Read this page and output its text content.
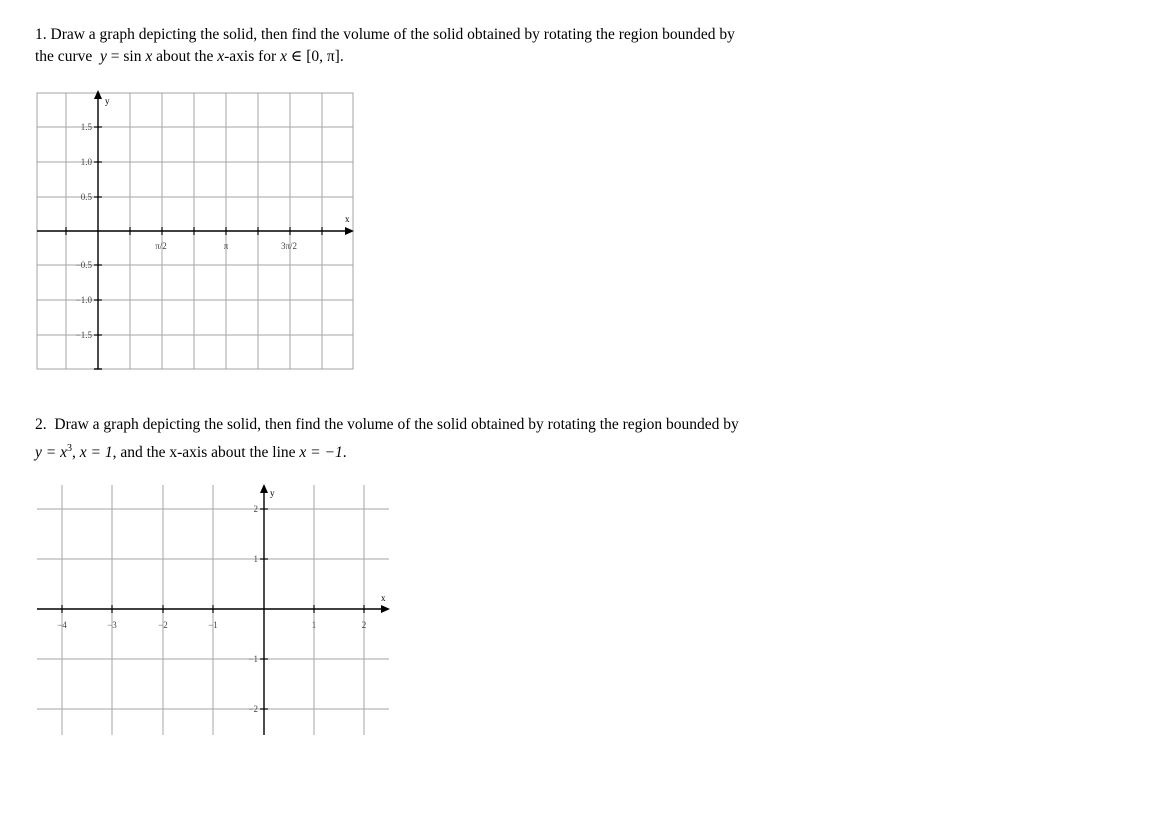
1. Draw a graph depicting the solid, then find the volume of the solid obtained by rotating the region bounded by
the curve y = sin x about the x-axis for x ∈ [0, π].

2. Draw a graph depicting the solid, then find the volume of the solid obtained by rotating the region bounded by
$y = x^3$, x = 1, and the x-axis about the line x = −1.

y
x
π/2	π	3π/2
1.5
1.0
0.5
−0.5
−1.0
−1.5
y
x
−4	−3	−2	−1	1	2
2
1
−1
−2
